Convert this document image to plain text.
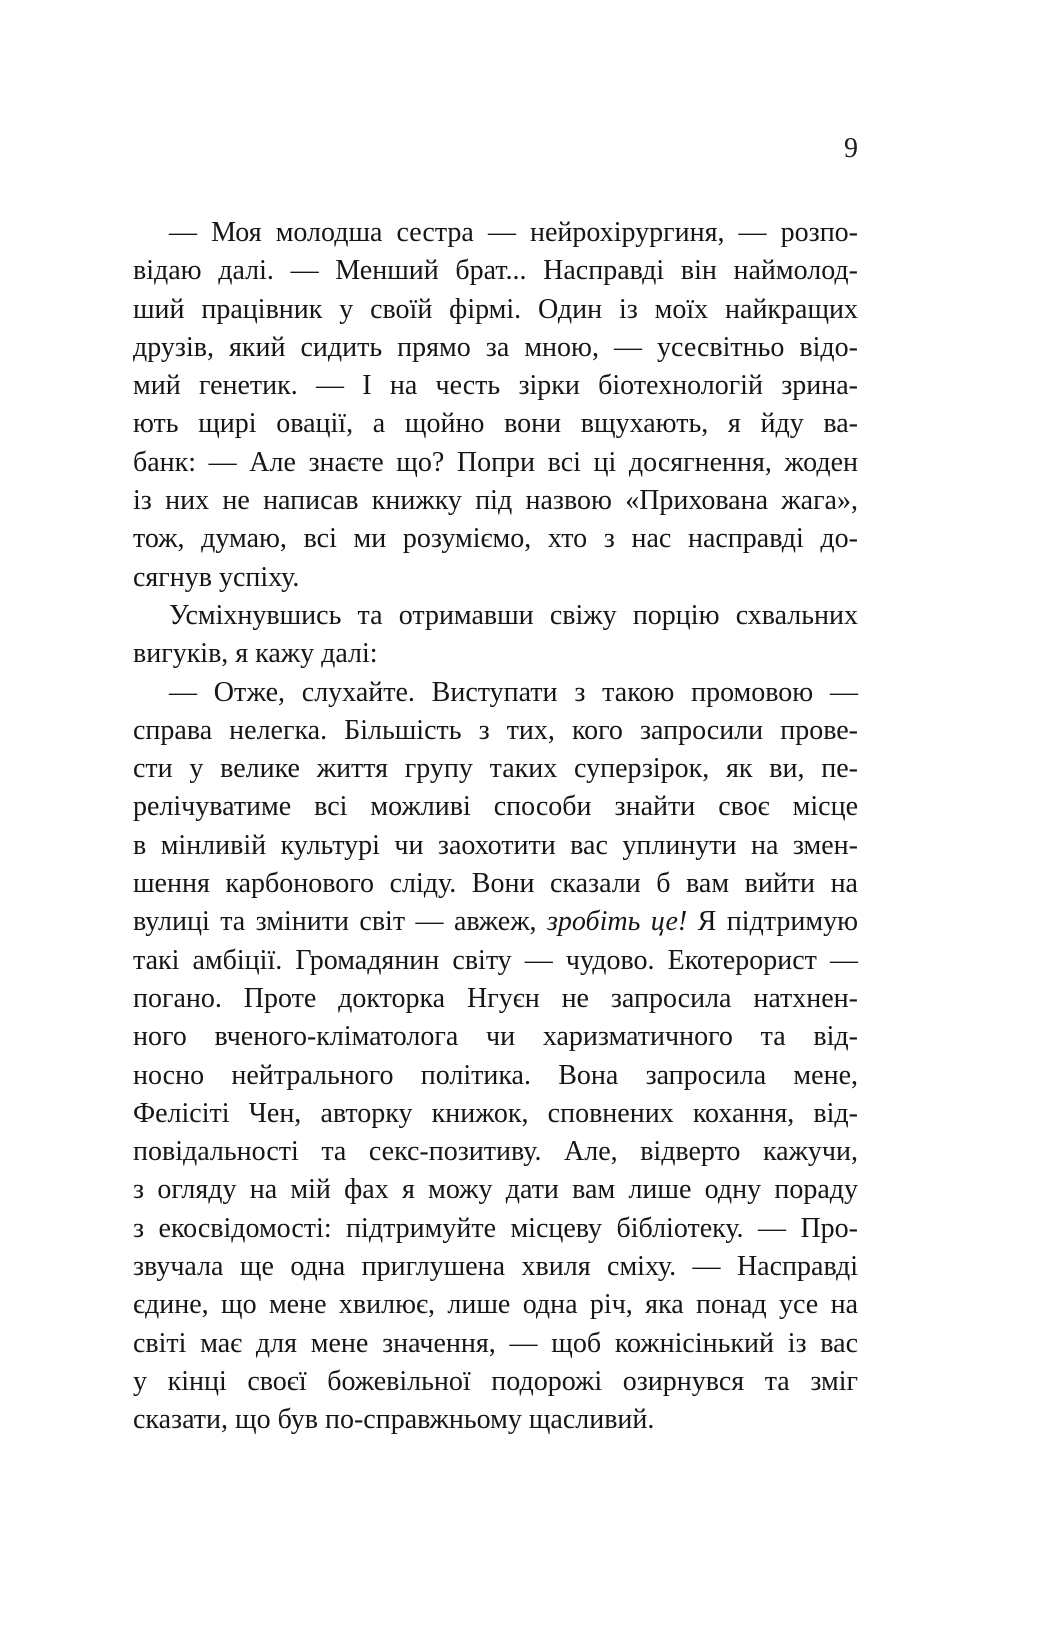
9
— Моя молодша сестра — нейрохірургиня, — розпо-
відаю далі. — Менший брат... Насправді він наймолод-
ший працівник у своїй фірмі. Один із моїх найкращих
друзів, який сидить прямо за мною, — усесвітньо відо-
мий генетик. — І на честь зірки біотехнологій зрина-
ють щирі овації, а щойно вони вщухають, я йду ва-
банк: — Але знаєте що? Попри всі ці досягнення, жоден
із них не написав книжку під назвою «Прихована жага»,
тож, думаю, всі ми розуміємо, хто з нас насправді до-
сягнув успіху.
Усміхнувшись та отримавши свіжу порцію схвальних
вигуків, я кажу далі:
— Отже, слухайте. Виступати з такою промовою —
справа нелегка. Більшість з тих, кого запросили прове-
сти у велике життя групу таких суперзірок, як ви, пе-
релічуватиме всі можливі способи знайти своє місце
в мінливій культурі чи заохотити вас уплинути на змен-
шення карбонового сліду. Вони сказали б вам вийти на
вулиці та змінити світ — авжеж, зробіть це! Я підтримую
такі амбіції. Громадянин світу — чудово. Екотерорист —
погано. Проте докторка Нгуєн не запросила натхнен-
ного вченого-кліматолога чи харизматичного та від-
носно нейтрального політика. Вона запросила мене,
Фелісіті Чен, авторку книжок, сповнених кохання, від-
повідальності та секс-позитиву. Але, відверто кажучи,
з огляду на мій фах я можу дати вам лише одну пораду
з екосвідомості: підтримуйте місцеву бібліотеку. — Про-
звучала ще одна приглушена хвиля сміху. — Насправді
єдине, що мене хвилює, лише одна річ, яка понад усе на
світі має для мене значення, — щоб кожнісінький із вас
у кінці своєї божевільної подорожі озирнувся та зміг
сказати, що був по-справжньому щасливий.
